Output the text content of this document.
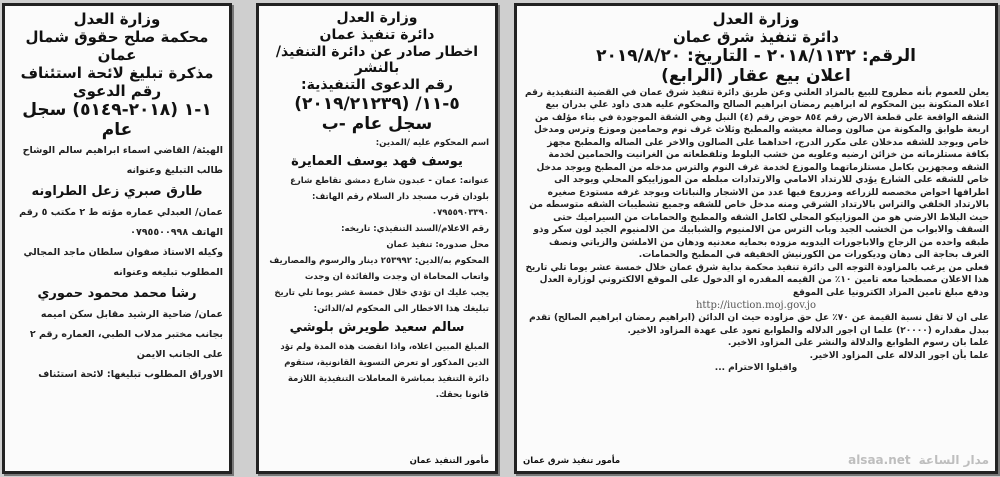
وزارة العدل
محكمة صلح حقوق شمال عمان
مذكرة تبليغ لائحة استئناف
رقم الدعوى
١-١ (٢٠١٨-٥١٤٩) سجل عام
الهيئة/ القاضي اسماء ابراهيم سالم الوشاح
طالب التبليغ وعنوانه
طارق صبري زعل الطراونه
عمان/ العبدلي عماره مؤته ط ٢ مكتب ٥ رقم الهاتف ٠٧٩٥٥٠٠٩٩٨
وكيله الاستاذ صفوان سلطان ماجد المجالي
المطلوب تبليغه وعنوانه
رشا محمد محمود حموري
عمان/ ضاحية الرشيد مقابل سكن اميمه بجانب مختبر مدلاب الطبي، العماره رقم ٢ على الجانب الايمن
الاوراق المطلوب تبليغها: لائحة استئناف
وزارة العدل
دائرة تنفيذ عمان
اخطار صادر عن دائرة التنفيذ/بالنشر
رقم الدعوى التنفيذية:
٥-١١/ (٢٠١٩/٢١٢٣٩)
سجل عام -ب
اسم المحكوم عليه /المدين:
يوسف فهد يوسف العمايرة
عنوانه: عمان - عبدون شارع دمشق تقاطع شارع بلودان قرب مسجد دار السلام رقم الهاتف: ٠٧٩٥٥٩٠٣٣٩٠
رقم الاعلام/السند التنفيذي: تاريخه:
محل صدوره: تنفيذ عمان
المحكوم به/الدين: ٢٥٣٩٩٢ دينار والرسوم والمصاريف واتعاب المحاماة ان وجدت والفائدة ان وجدت
يجب عليك ان تؤدي خلال خمسة عشر يوما تلي تاريخ تبليغك هذا الاخطار الى المحكوم له/الدائن:
سالم سعيد طويرش بلوشي
المبلغ المبين اعلاه، واذا انقضت هذه المدة ولم تؤد الدين المذكور او تعرض التسوية القانونية، ستقوم دائرة التنفيذ بمباشرة المعاملات التنفيذية اللازمة قانونا بحقك.
مأمور التنفيذ عمان
وزارة العدل
دائرة تنفيذ شرق عمان
الرقم: ٢٠١٨/١١٣٢ - التاريخ: ٢٠١٩/٨/٢٠
اعلان بيع عقار (الرابع)
يعلن للعموم بأنه مطروح للبيع بالمزاد العلني وعن طريق دائرة تنفيذ شرق عمان في القضية التنفيذية رقم اعلاه المتكونة بين المحكوم له ابراهيم رمضان ابراهيم الصالح والمحكوم عليه هدى داود علي بدران بيع الشقه الواقعة على قطعة الارض رقم ٨٥٤ حوض رقم (٤) النبل وهي الشقة الموجودة في بناء مؤلف من اربعة طوابق والمكونة من صالون وصالة معيشه والمطبخ وثلاث غرف نوم وحمامين وموزع وترس ومدخل خاص ويوجد للشقه مدخلان على مكرر الدرج، احداهما على الصالون والاخر على الصاله والمطبخ مجهز بكافة مستلزماته من خزائن ارضيه وعلويه من خشب البلوط وتلفطعاته من الغرانيت والحمامين لخدمة الشقه ومجهزين بكامل مستلزماتهما والموزع لخدمة غرف النوم والترس مدخله من المطبخ ويوجد مدخل خاص للشقه على الشارع يؤدي للارتداد الامامي والارتدادات مبلطه من الموزاييكو المحلي ويوجد الى اطرافها احواض مخصصه للزراعه ومزروع فيها عدد من الاشجار والنباتات ويوجد غرفه مستودع صغيره بالارتداد الخلفي والتراس بالارتداد الشرقي ومنه مدخل خاص للشقه وجميع تشطيبات الشقه متوسطه من حيث البلاط الارضي هو من الموزاييكو المحلي لكامل الشقه والمطبخ والحمامات من السيراميك حتى السقف والابواب من الخشب الجيد وباب الترس من الالمنيوم والشبابيك من الالمنيوم الجيد لون سكر وذو طبقه واحده من الزجاج والاباجورات اليدويه مزوده بحمايه معدنيه ودهان من الاملشن والزياتي ونصف الغرف بحاجة الى دهان وديكورات من الكورنيش الخفيفه في المطبخ والحمامات.
فعلى من يرغب بالمزاودة التوجه الى دائرة تنفيذ محكمة بداية شرق عمان خلال خمسة عشر يوما تلي تاريخ هذا الاعلان مصطحبا معه تامين ١٠٪ من القيمه المقدره او الدخول على الموقع الالكتروني لوزارة العدل ودفع مبلغ تامين المزاد الكترونيا على الموقع
http://iuction.moj.gov.jo
على ان لا تقل نسبة القيمة عن ٧٠٪ عل حق مزاوده حيث ان الدائن (ابراهيم رمضان ابراهيم الصالح) تقدم ببدل مقداره (٢٠٠٠٠) علما ان اجور الدلاله والطوابع تعود على عهدة المزاود الاخير.
علما بان رسوم الطوابع والدلالة والنشر على المزاود الاخير.
علما بأن اجور الدلاله على المزاود الاخير.
واقبلوا الاحترام ...
alsaa.net مدار الساعة
مأمور تنفيذ شرق عمان
